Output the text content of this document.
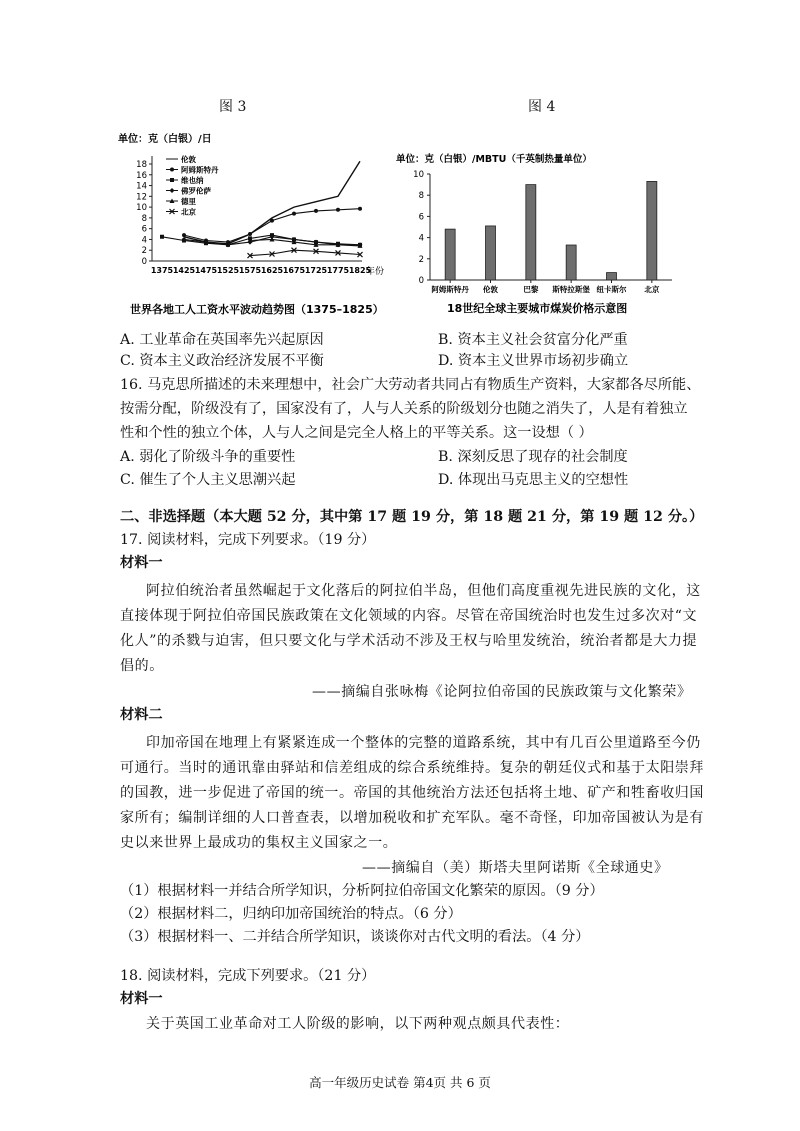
图 3	图 4
单位：克（白银）/日
0
2
4
6
8
10
12
14
16
18
1375 1425 1475 1525 1575 1625 1675 1725 1775 1825
伦敦
阿姆斯特丹
维也纳
佛罗伦萨
德里
北京
年份
世界各地工人工资水平波动趋势图（1375–1825）
单位：克（白银）/MBTU（千英制热量单位）
0
2
4
6
8
10
阿姆斯特丹 伦敦	巴黎 斯特拉斯堡 纽卡斯尔 北京
18世纪全球主要城市煤炭价格示意图
A. 工业革命在英国率先兴起原因	B. 资本主义社会贫富分化严重
C. 资本主义政治经济发展不平衡	D. 资本主义世界市场初步确立
16. 马克思所描述的未来理想中，社会广大劳动者共同占有物质生产资料，大家都各尽所能、
按需分配，阶级没有了，国家没有了，人与人关系的阶级划分也随之消失了，人是有着独立
性和个性的独立个体，人与人之间是完全人格上的平等关系。这一设想（ ）
A. 弱化了阶级斗争的重要性	B. 深刻反思了现存的社会制度
C. 催生了个人主义思潮兴起	D. 体现出马克思主义的空想性
二、非选择题（本大题 52 分，其中第 17 题 19 分，第 18 题 21 分，第 19 题 12 分。）
17. 阅读材料，完成下列要求。（19 分）
材料一
阿拉伯统治者虽然崛起于文化落后的阿拉伯半岛，但他们高度重视先进民族的文化，这
直接体现于阿拉伯帝国民族政策在文化领域的内容。尽管在帝国统治时也发生过多次对“文
化人”的杀戮与迫害，但只要文化与学术活动不涉及王权与哈里发统治，统治者都是大力提
倡的。
——摘编自张咏梅《论阿拉伯帝国的民族政策与文化繁荣》
材料二
印加帝国在地理上有紧紧连成一个整体的完整的道路系统，其中有几百公里道路至今仍
可通行。当时的通讯靠由驿站和信差组成的综合系统维持。复杂的朝廷仪式和基于太阳崇拜
的国教，进一步促进了帝国的统一。帝国的其他统治方法还包括将土地、矿产和牲畜收归国
家所有；编制详细的人口普查表，以增加税收和扩充军队。毫不奇怪，印加帝国被认为是有
史以来世界上最成功的集权主义国家之一。
——摘编自（美）斯塔夫里阿诺斯《全球通史》
（1）根据材料一并结合所学知识，分析阿拉伯帝国文化繁荣的原因。（9 分）
（2）根据材料二，归纳印加帝国统治的特点。（6 分）
（3）根据材料一、二并结合所学知识，谈谈你对古代文明的看法。（4 分）
18. 阅读材料，完成下列要求。（21 分）
材料一
关于英国工业革命对工人阶级的影响，以下两种观点颇具代表性：
高一年级历史试卷 第4页 共 6 页
